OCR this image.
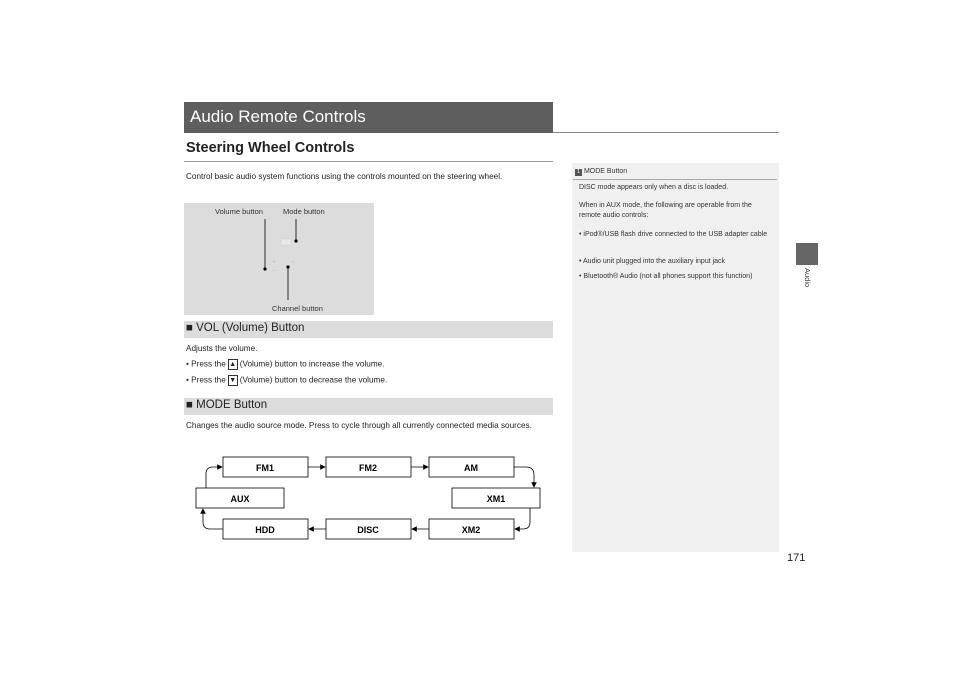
Audio Remote Controls
Steering Wheel Controls
Control basic audio system functions using the controls mounted on the steering wheel.
Volume button	Mode button
Channel button
+
−
^
■ VOL (Volume) Button
Adjusts the volume.
• Press the ▲ (Volume) button to increase the volume.
• Press the ▼ (Volume) button to decrease the volume.
■ MODE Button
Changes the audio source mode. Press to cycle through all currently connected media sources.
FM1	FM2	AM
AUX	XM1
HDD	DISC	XM2
1 MODE Button
DISC mode appears only when a disc is loaded.
When in AUX mode, the following are operable from the remote audio controls:
• iPod®/USB flash drive connected to the USB adapter cable
• Audio unit plugged into the auxiliary input jack
• Bluetooth® Audio (not all phones support this function)	Audio
171
